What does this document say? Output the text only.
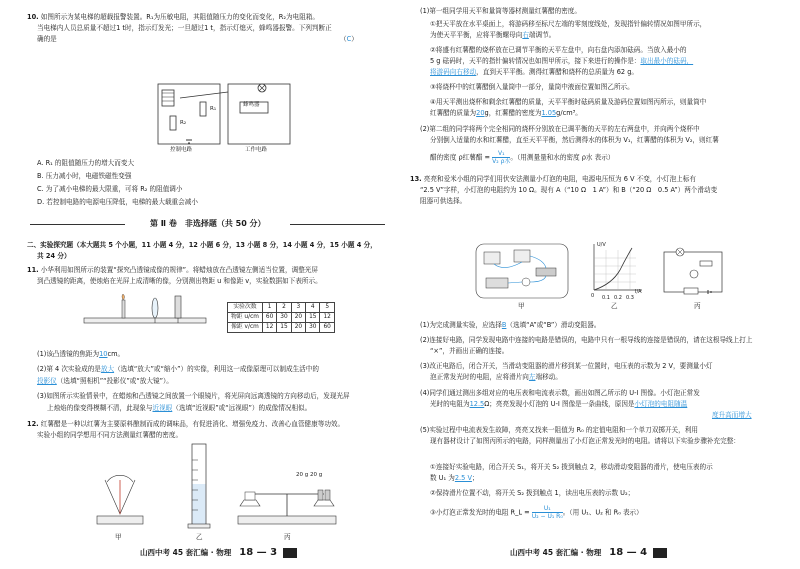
10. 如图所示为某电梯的超载报警装置。R₁为压敏电阻，其阻值随压力的变化而变化，R₂为电阻箱。
当电梯内人员总质量不超过1 t时，指示灯发光；一旦超过1 t，指示灯熄灭，蜂鸣器报警。下列判断正
确的是	（C）
蜂鸣器
R₁
R₂
控制电路	工作电路
A. R₁ 的阻值随压力的增大而变大
B. 压力减小时，电磁铁磁性变强
C. 为了减小电梯的最大限重，可将 R₂ 的阻值调小
D. 若控制电路的电源电压降低，电梯的最大载重会减小
第 Ⅱ 卷　非选择题（共 50 分）
二、实验探究题（本大题共 5 个小题，11 小题 4 分，12 小题 6 分，13 小题 8 分，14 小题 4 分，15 小题 4 分，
共 24 分）
11. 小华利用如图所示的装置“探究凸透镜成像的规律”。将蜡烛放在凸透镜左侧适当位置，调整光屏
到凸透镜的距离，使烛焰在光屏上成清晰的像，分别测出物距 u 和像距 v，实验数据如下表所示。
实验次数	1	2	3	4	5
物距 u/cm	60	30	20	15	12
像距 v/cm	12	15	20	30	60
(1)该凸透镜的焦距为10cm。
(2)第 4 次实验成的是放大（选填“放大”或“缩小”）的实像，利用这一成像原理可以制成生活中的
投影仪（选填“照相机”“投影仪”或“放大镜”）。
(3)如图所示实验情景中，在蜡烛和凸透镜之间放置一个眼镜片，将光屏向远离透镜的方向移动后，发现光屏
上烛焰的像变得模糊不清，此现象与近视眼（选填“近视眼”或“远视眼”）的成像情况相似。
12. 红薯醋是一种以红薯为主要原料酿制而成的调味品，有促进消化、增强免疫力、改善心血管健康等功效。
实验小组的同学想用不同方法测量红薯醋的密度。
20 g 20 g
甲	乙	丙
山西中考 45 套汇编 · 物理 18 — 3
(1)第一组同学用天平和量筒等器材测量红薯醋的密度。
①把天平放在水平桌面上，将游码移至标尺左端的零刻度线处，发现指针偏转情况如图甲所示，
为使天平平衡，应将平衡螺母向右端调节。
②将盛有红薯醋的烧杯放在已调节平衡的天平左盘中，向右盘内添加砝码。当放入最小的
5 g 砝码时，天平的指针偏转情况也如图甲所示，接下来进行的操作是：取出最小的砝码，
将游码向右移动，直到天平平衡。测得红薯醋和烧杯的总质量为 62 g。
③将烧杯中的红薯醋倒入量筒中一部分，量筒中液面位置如图乙所示。
④用天平测出烧杯和剩余红薯醋的质量，天平平衡时砝码质量及游码位置如图丙所示，则量筒中
红薯醋的质量为20g，红薯醋的密度为1.05g/cm³。
(2)第二组的同学将两个完全相同的烧杯分别放在已调平衡的天平的左右两盘中，并向两个烧杯中
分别倒入适量的水和红薯醋，直至天平平衡，然后测得水的体积为 V₁，红薯醋的体积为 V₂，则红薯
醋的密度 ρ红薯醋 = $\frac{\text{V₁}}{\text{V₂ ρ水}}$ 。（用测量量和水的密度 ρ水 表示）
13. 亮亮和爱米小组的同学们用伏安法测量小灯泡的电阻，电源电压恒为 6 V 不变，小灯泡上标有
“2.5 V”字样，小灯泡的电阻约为 10 Ω。现有 A（“10 Ω　1 A”）和 B（“20 Ω　0.5 A”）两个滑动变
阻器可供选择。
U/V
I/A
0 0.1 0.2 0.3
甲	乙	丙
(1)为完成测量实验，应选择B（选填“A”或“B”）滑动变阻器。
(2)连接好电路，同学发现电路中连接的电路是错误的，电路中只有一根导线的连接是错误的，请在这根导线上打上
“×”，并画出正确的连接。
(3)改正电路后，闭合开关，当滑动变阻器的滑片移到某一位置时，电压表的示数为 2 V，要测量小灯
泡正常发光时的电阻，应将滑片向左端移动。
(4)同学们通过测出多组对应的电压表和电流表示数，画出如图乙所示的 U-I 图像。小灯泡正常发
光时的电阻为12.5Ω；亮亮发现小灯泡的 U-I 图像是一条曲线，原因是小灯泡的电阻随温
度升高而增大
(5)实验过程中电流表发生故障，亮亮又找来一阻值为 R₀ 的定值电阻和一个单刀双掷开关，利用
现有器材设计了如图丙所示的电路，同样测量出了小灯泡正常发光时的电阻。请将以下实验步骤补充完整：
①连接好实验电路，闭合开关 S₁，将开关 S₂ 拨到触点 2，移动滑动变阻器的滑片，使电压表的示
数 U₁ 为2.5 V；
②保持滑片位置不动，将开关 S₂ 拨到触点 1，读出电压表的示数 U₂；
③小灯泡正常发光时的电阻 R_L = $\frac{\text{U₁}}{\text{U₂ − U₁ R₀}}$ 。（用 U₁、U₂ 和 R₀ 表示）
山西中考 45 套汇编 · 物理 18 — 4
